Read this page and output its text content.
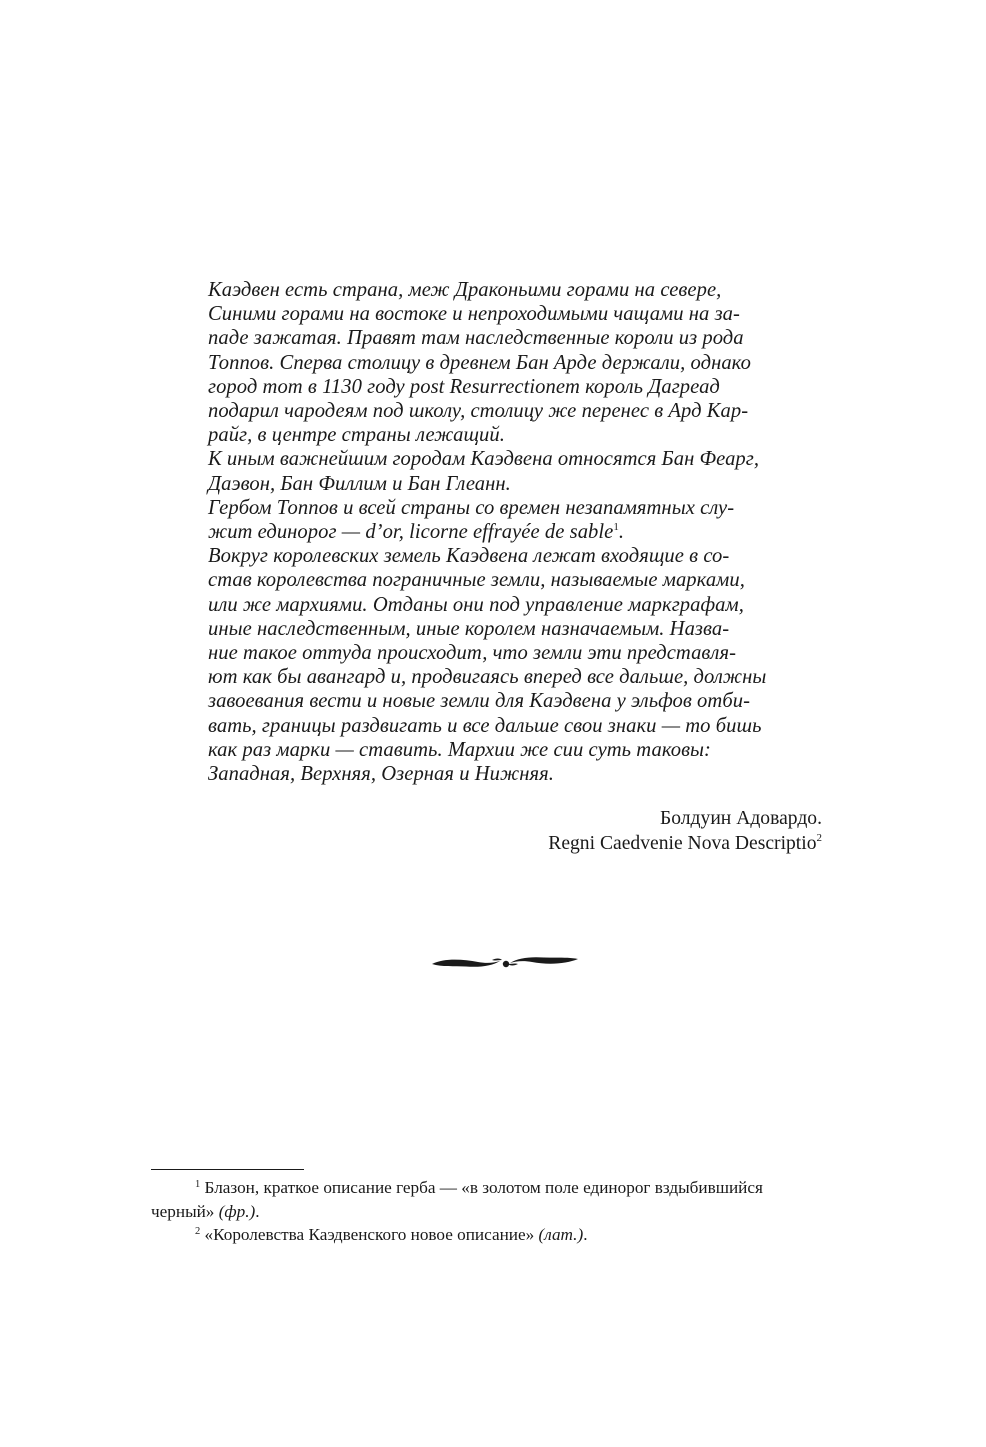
Каэдвен есть страна, меж Драконьими горами на севере,
Синими горами на востоке и непроходимыми чащами на за-
паде зажатая. Правят там наследственные короли из рода
Топпов. Сперва столицу в древнем Бан Арде держали, однако
город тот в 1130 году post Resurrectionem король Дагреад
подарил чародеям под школу, столицу же перенес в Ард Кар-
райг, в центре страны лежащий.
К иным важнейшим городам Каэдвена относятся Бан Феарг,
Даэвон, Бан Филлим и Бан Глеанн.
Гербом Топпов и всей страны со времен незапамятных слу-
жит единорог — d’or, licorne effrayée de sable$^1$.
Вокруг королевских земель Каэдвена лежат входящие в со-
став королевства пограничные земли, называемые марками,
или же мархиями. Отданы они под управление маркграфам,
иные наследственным, иные королем назначаемым. Назва-
ние такое оттуда происходит, что земли эти представля-
ют как бы авангард и, продвигаясь вперед все дальше, должны
завоевания вести и новые земли для Каэдвена у эльфов отби-
вать, границы раздвигать и все дальше свои знаки — то бишь
как раз марки — ставить. Мархии же сии суть таковы:
Западная, Верхняя, Озерная и Нижняя.
Болдуин Адовардо.
Regni Caedvenie Nova Descriptio$^2$
$^1$ Блазон, краткое описание герба — «в золотом поле единорог вздыбившийся
черный» (фр.).
$^2$ «Королевства Каэдвенского новое описание» (лат.).
